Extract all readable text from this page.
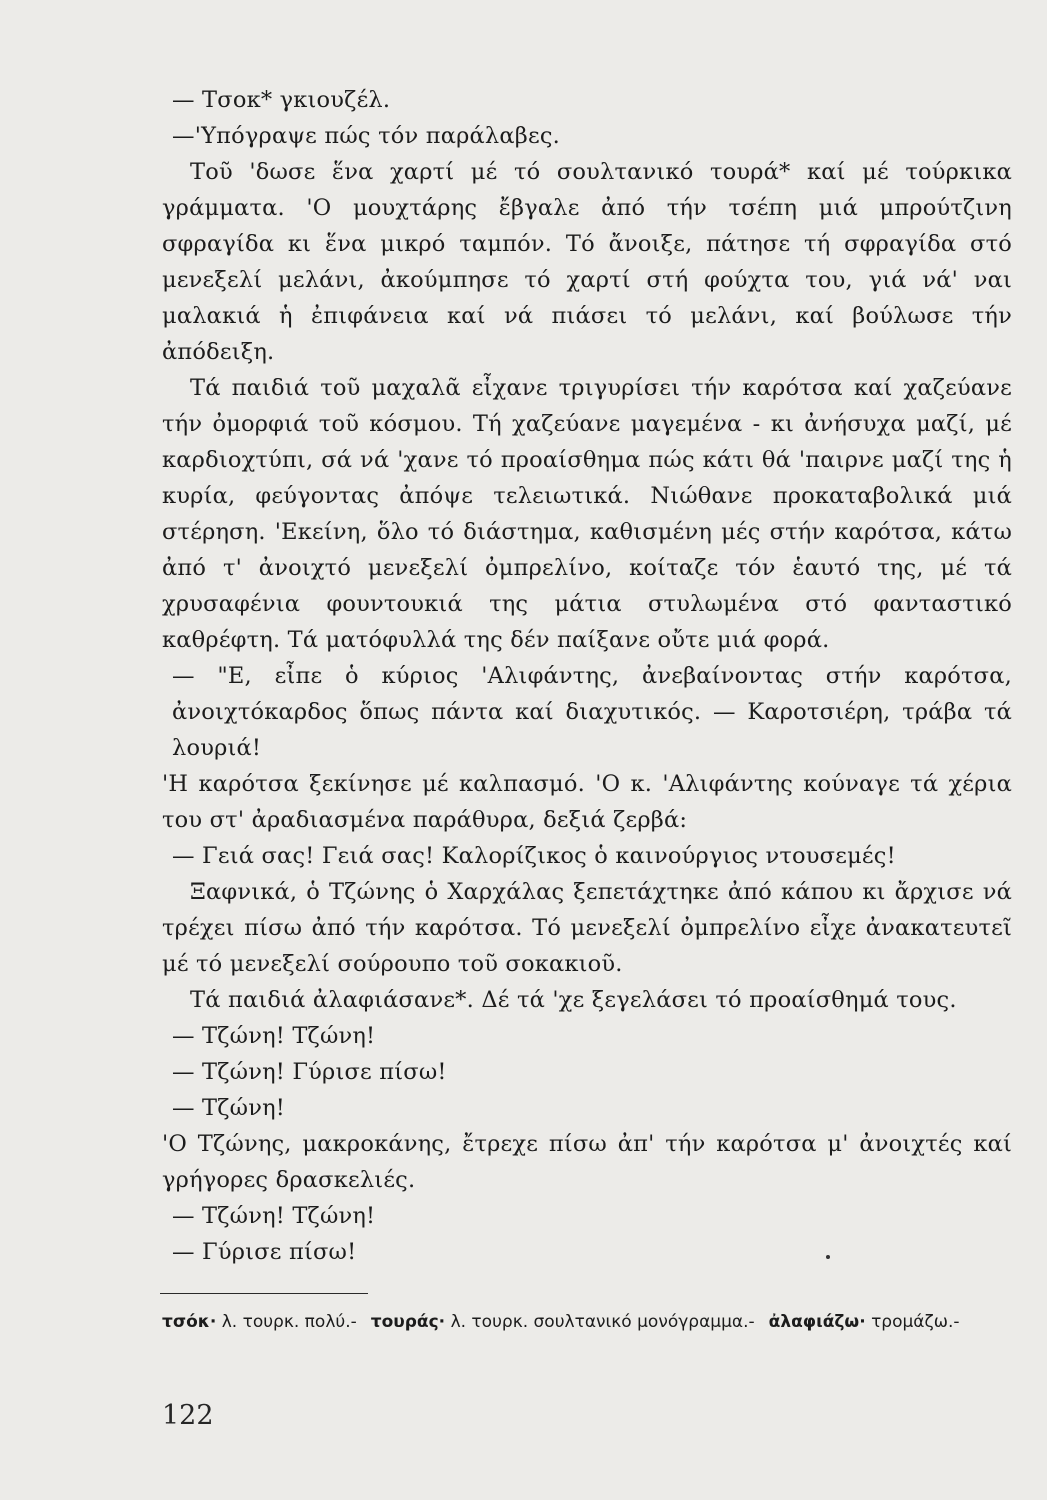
— Τσοκ* γκιουζέλ.

—'Υπόγραψε πώς τόν παράλαβες.

Τοῦ 'δωσε ἕνα χαρτί μέ τό σουλτανικό τουρά* καί μέ τούρκικα γράμματα. 'Ο μουχτάρης ἔβγαλε ἀπό τήν τσέπη μιά μπρούτζινη σφραγίδα κι ἕνα μικρό ταμπόν. Τό ἄνοιξε, πάτησε τή σφραγίδα στό μενεξελί μελάνι, ἀκούμπησε τό χαρτί στή φούχτα του, γιά νά' ναι μαλακιά ἡ ἐπιφάνεια καί νά πιάσει τό μελάνι, καί βούλωσε τήν ἀπόδειξη.

Τά παιδιά τοῦ μαχαλᾶ εἶχανε τριγυρίσει τήν καρότσα καί χαζεύανε τήν ὀμορφιά τοῦ κόσμου. Τή χαζεύανε μαγεμένα - κι ἀνήσυχα μαζί, μέ καρδιοχτύπι, σά νά 'χανε τό προαίσθημα πώς κάτι θά 'παιρνε μαζί της ἡ κυρία, φεύγοντας ἀπόψε τελειωτικά. Νιώθανε προκαταβολικά μιά στέρηση. 'Εκείνη, ὅλο τό διάστημα, καθισμένη μές στήν καρότσα, κάτω ἀπό τ' ἀνοιχτό μενεξελί ὀμπρελίνο, κοίταζε τόν ἑαυτό της, μέ τά χρυσαφένια φουντουκιά της μάτια στυλωμένα στό φανταστικό καθρέφτη. Τά ματόφυλλά της δέν παίξανε οὔτε μιά φορά.

— "Ε, εἶπε ὁ κύριος 'Αλιφάντης, ἀνεβαίνοντας στήν καρότσα, ἀνοιχτόκαρδος ὅπως πάντα καί διαχυτικός. — Καροτσιέρη, τράβα τά λουριά!

'Η καρότσα ξεκίνησε μέ καλπασμό. 'Ο κ. 'Αλιφάντης κούναγε τά χέρια του στ' ἀραδιασμένα παράθυρα, δεξιά ζερβά:

— Γειά σας! Γειά σας! Καλορίζικος ὁ καινούργιος ντουσεμές!

Ξαφνικά, ὁ Τζώνης ὁ Χαρχάλας ξεπετάχτηκε ἀπό κάπου κι ἄρχισε νά τρέχει πίσω ἀπό τήν καρότσα. Τό μενεξελί ὀμπρελίνο εἶχε ἀνακατευτεῖ μέ τό μενεξελί σούρουπο τοῦ σοκακιοῦ.

Τά παιδιά ἀλαφιάσανε*. Δέ τά 'χε ξεγελάσει τό προαίσθημά τους.

— Τζώνη! Τζώνη!

— Τζώνη! Γύρισε πίσω!

— Τζώνη!

'Ο Τζώνης, μακροκάνης, ἔτρεχε πίσω ἀπ' τήν καρότσα μ' ἀνοιχτές καί γρήγορες δρασκελιές.

— Τζώνη! Τζώνη!

— Γύρισε πίσω!

τσόκ· λ. τουρκ. πολύ.- τουράς· λ. τουρκ. σουλτανικό μονόγραμμα.- ἀλαφιάζω· τρομάζω.-
122
